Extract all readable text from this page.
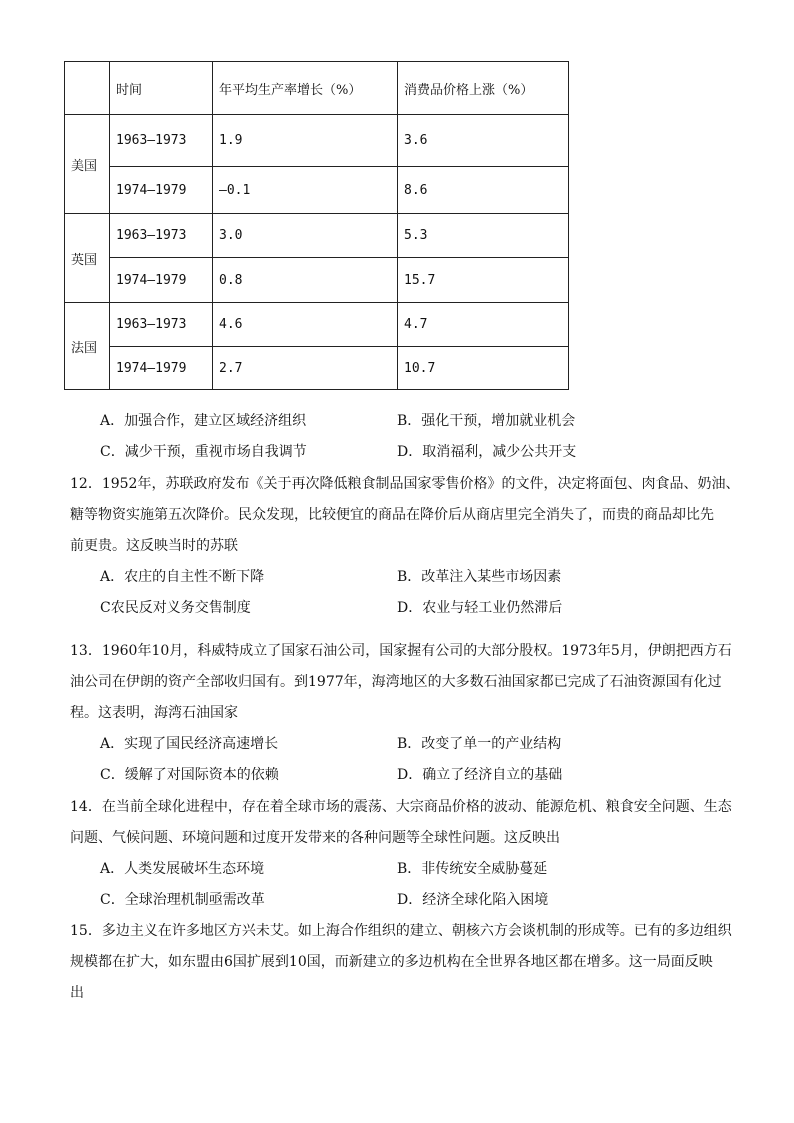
	时间	年平均生产率增长（%）	消费品价格上涨（%）
美国	1963—1973	1.9	3.6
	1974—1979	—0.1	8.6
英国	1963—1973	3.0	5.3
	1974—1979	0.8	15.7
法国	1963—1973	4.6	4.7
	1974—1979	2.7	10.7
A．加强合作，建立区域经济组织	B．强化干预，增加就业机会
C．减少干预，重视市场自我调节	D．取消福利，减少公共开支
12．1952年，苏联政府发布《关于再次降低粮食制品国家零售价格》的文件，决定将面包、肉食品、奶油、
糖等物资实施第五次降价。民众发现，比较便宜的商品在降价后从商店里完全消失了，而贵的商品却比先
前更贵。这反映当时的苏联
A．农庄的自主性不断下降	B．改革注入某些市场因素
C农民反对义务交售制度	D．农业与轻工业仍然滞后
13．1960年10月，科威特成立了国家石油公司，国家握有公司的大部分股权。1973年5月，伊朗把西方石
油公司在伊朗的资产全部收归国有。到1977年，海湾地区的大多数石油国家都已完成了石油资源国有化过
程。这表明，海湾石油国家
A．实现了国民经济高速增长	B．改变了单一的产业结构
C．缓解了对国际资本的依赖	D．确立了经济自立的基础
14．在当前全球化进程中，存在着全球市场的震荡、大宗商品价格的波动、能源危机、粮食安全问题、生态
问题、气候问题、环境问题和过度开发带来的各种问题等全球性问题。这反映出
A．人类发展破坏生态环境	B．非传统安全威胁蔓延
C．全球治理机制亟需改革	D．经济全球化陷入困境
15．多边主义在许多地区方兴未艾。如上海合作组织的建立、朝核六方会谈机制的形成等。已有的多边组织
规模都在扩大，如东盟由6国扩展到10国，而新建立的多边机构在全世界各地区都在增多。这一局面反映
出
